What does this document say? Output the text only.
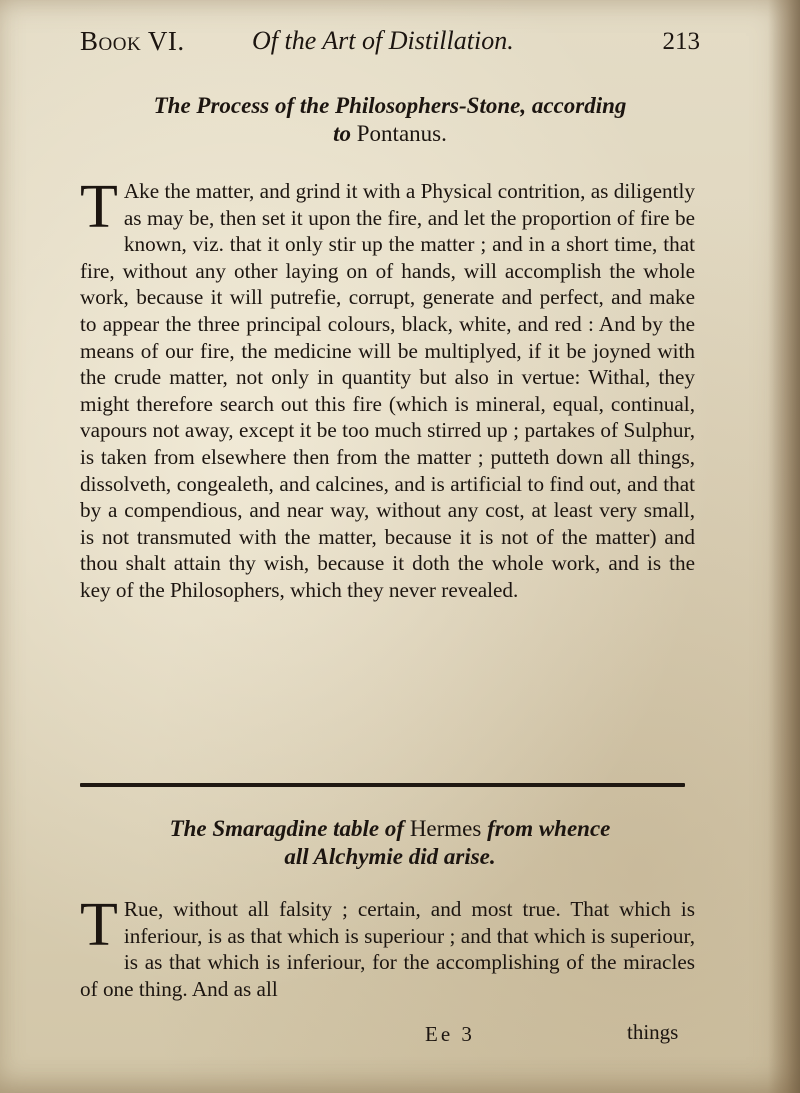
Book VI.	Of the Art of Distillation.	213
The Process of the Philosophers-Stone, according
to Pontanus.
T Ake the matter, and grind it with a Physical contrition, as diligently as may be, then set it upon the fire, and let the proportion of fire be known, viz. that it only stir up the matter ; and in a short time, that fire, without any other laying on of hands, will accomplish the whole work, because it will putrefie, corrupt, generate and perfect, and make to appear the three principal colours, black, white, and red : And by the means of our fire, the medicine will be multiplyed, if it be joyned with the crude matter, not only in quantity but also in vertue: Withal, they might therefore search out this fire (which is mineral, equal, continual, vapours not away, except it be too much stirred up ; partakes of Sulphur, is taken from elsewhere then from the matter ; putteth down all things, dissolveth, congealeth, and calcines, and is artificial to find out, and that by a compendious, and near way, without any cost, at least very small, is not transmuted with the matter, because it is not of the matter) and thou shalt attain thy wish, because it doth the whole work, and is the key of the Philosophers, which they never revealed.
The Smaragdine table of Hermes from whence
all Alchymie did arise.
T Rue, without all falsity ; certain, and most true. That which is inferiour, is as that which is superiour ; and that which is superiour, is as that which is inferiour, for the accomplishing of the miracles of one thing. And as all
Ee 3	things
